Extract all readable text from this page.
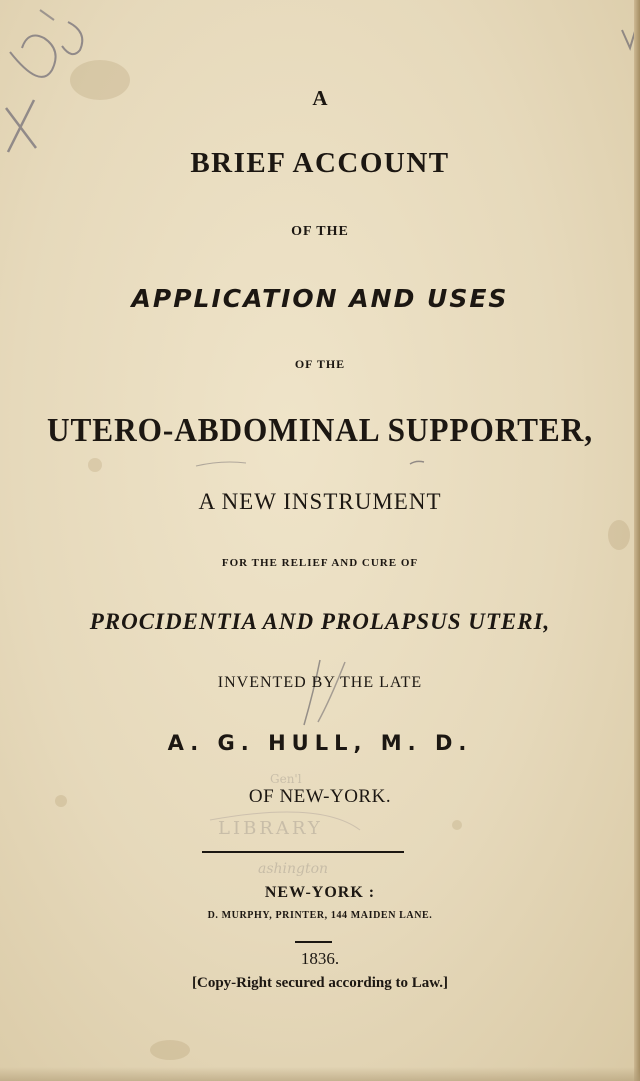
A
BRIEF ACCOUNT
OF THE
APPLICATION AND USES
OF THE
UTERO-ABDOMINAL SUPPORTER,
A NEW INSTRUMENT
FOR THE RELIEF AND CURE OF
PROCIDENTIA AND PROLAPSUS UTERI,
INVENTED BY THE LATE
A. G. HULL, M. D.
OF NEW-YORK.
Gen'l
LIBRARY
ashington
NEW-YORK :
D. MURPHY, PRINTER, 144 MAIDEN LANE.
1836.
[Copy-Right secured according to Law.]
